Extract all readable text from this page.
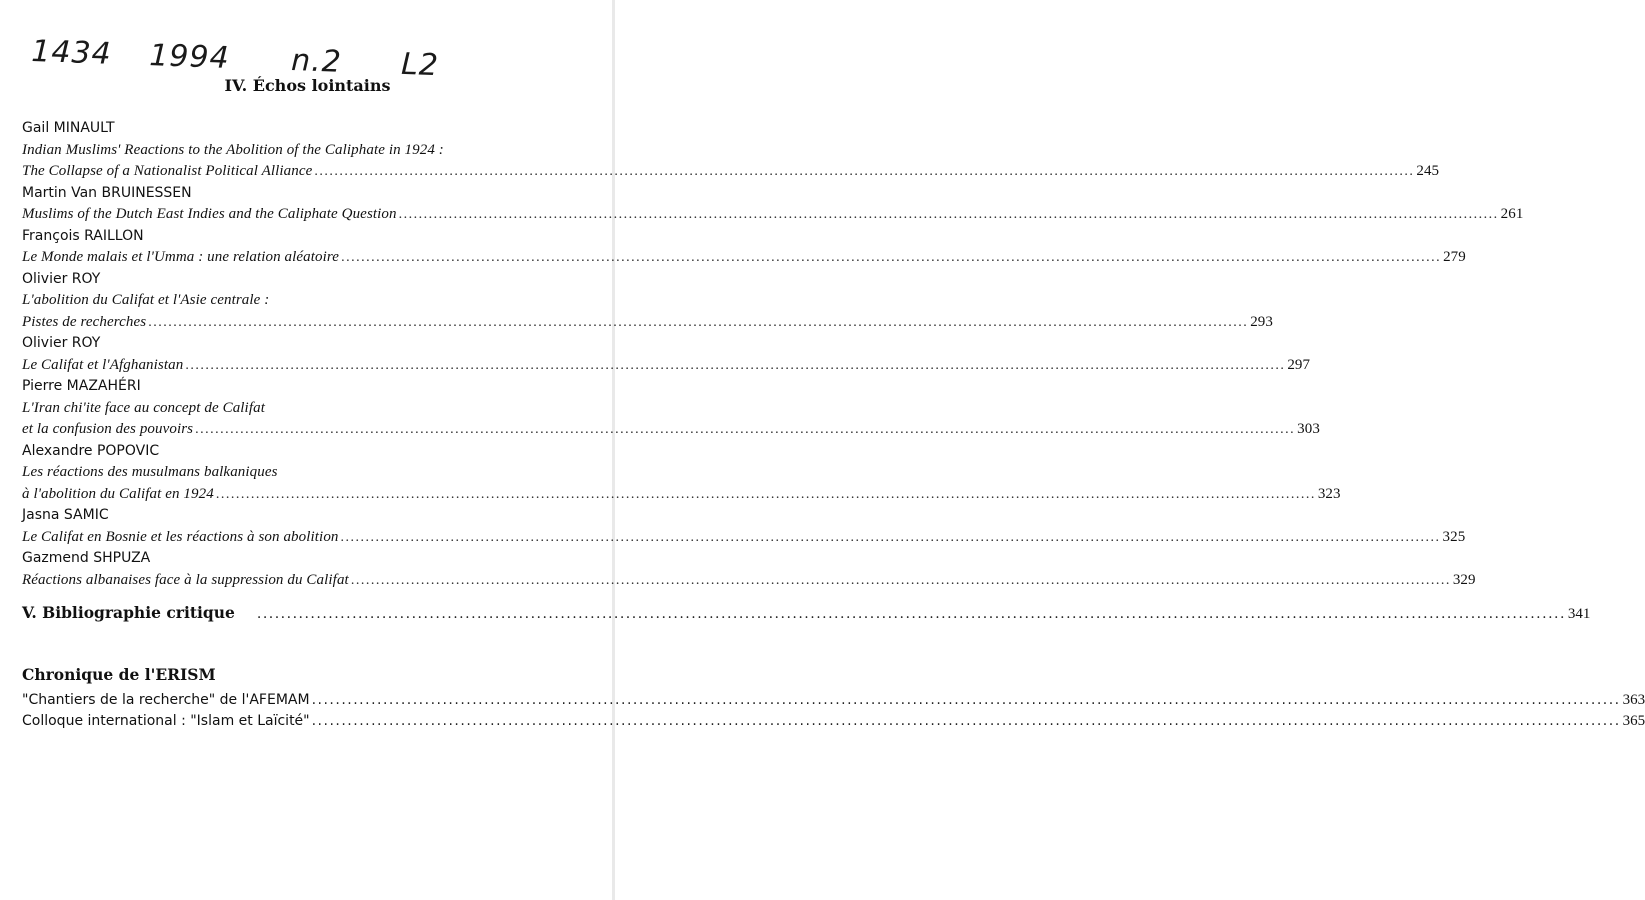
1434 1994 n.2 L2
IV. Échos lointains
Gail MINAULT
Indian Muslims' Reactions to the Abolition of the Caliphate in 1924 :
The Collapse of a Nationalist Political Alliance ............................................................................................................................................................................................................................ 245
Martin Van BRUINESSEN
Muslims of the Dutch East Indies and the Caliphate Question ............................................................................................................................................................................................................................ 261
François RAILLON
Le Monde malais et l'Umma : une relation aléatoire ............................................................................................................................................................................................................................ 279
Olivier ROY
L'abolition du Califat et l'Asie centrale :
Pistes de recherches ............................................................................................................................................................................................................................ 293
Olivier ROY
Le Califat et l'Afghanistan ............................................................................................................................................................................................................................ 297
Pierre MAZAHÉRI
L'Iran chi'ite face au concept de Califat
et la confusion des pouvoirs ............................................................................................................................................................................................................................ 303
Alexandre POPOVIC
Les réactions des musulmans balkaniques
à l'abolition du Califat en 1924 ............................................................................................................................................................................................................................ 323
Jasna SAMIC
Le Califat en Bosnie et les réactions à son abolition ............................................................................................................................................................................................................................ 325
Gazmend SHPUZA
Réactions albanaises face à la suppression du Califat ............................................................................................................................................................................................................................ 329
V. Bibliographie critique	............................................................................................................................................................................................................................ 341
Chronique de l'ERISM
"Chantiers de la recherche" de l'AFEMAM ............................................................................................................................................................................................................................ 363
Colloque international : "Islam et Laïcité" ............................................................................................................................................................................................................................ 365
